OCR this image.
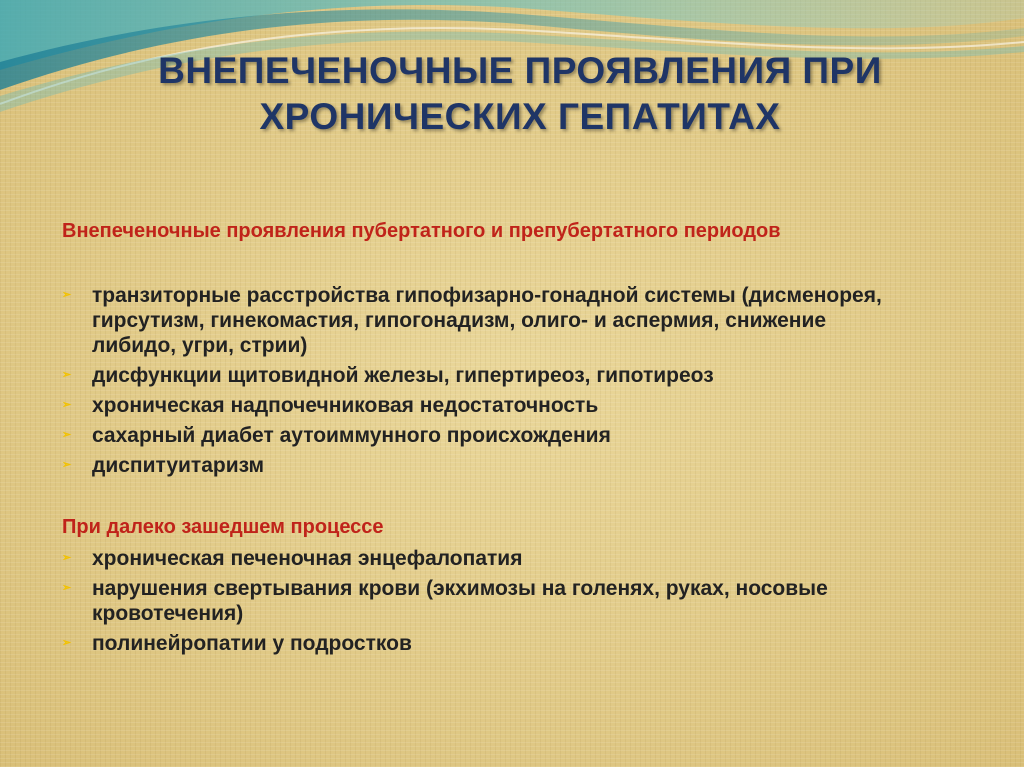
ВНЕПЕЧЕНОЧНЫЕ ПРОЯВЛЕНИЯ ПРИ
ХРОНИЧЕСКИХ ГЕПАТИТАХ

Внепеченочные проявления пубертатного и препубертатного периодов

➢ транзиторные расстройства гипофизарно-гонадной системы (дисменорея, гирсутизм, гинекомастия, гипогонадизм, олиго- и аспермия, снижение либидо, угри, стрии)
➢ дисфункции щитовидной железы, гипертиреоз, гипотиреоз
➢ хроническая надпочечниковая недостаточность
➢ сахарный диабет аутоиммунного происхождения
➢ диспитуитаризм

При далеко зашедшем процессе

➢ хроническая печеночная энцефалопатия
➢ нарушения свертывания крови (экхимозы на голенях, руках, носовые кровотечения)
➢ полинейропатии у подростков
